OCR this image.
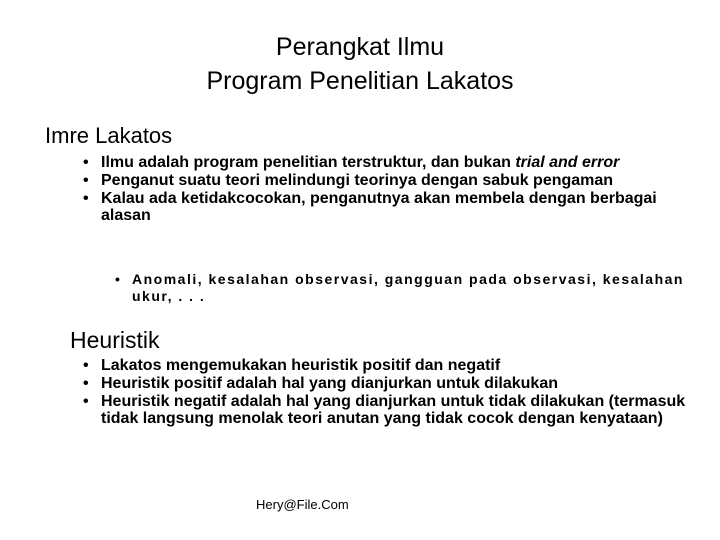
Perangkat Ilmu
Program Penelitian Lakatos
Imre Lakatos
• Ilmu adalah program penelitian terstruktur, dan bukan trial and error
• Penganut suatu teori melindungi teorinya dengan sabuk pengaman
• Kalau ada ketidakcocokan, penganutnya akan membela dengan berbagai alasan
• Anomali, kesalahan observasi, gangguan pada observasi, kesalahan ukur, . . .
Heuristik
• Lakatos mengemukakan heuristik positif dan negatif
• Heuristik positif adalah hal yang dianjurkan untuk dilakukan
• Heuristik negatif adalah hal yang dianjurkan untuk tidak dilakukan (termasuk tidak langsung menolak teori anutan yang tidak cocok dengan kenyataan)
Hery@File.Com
